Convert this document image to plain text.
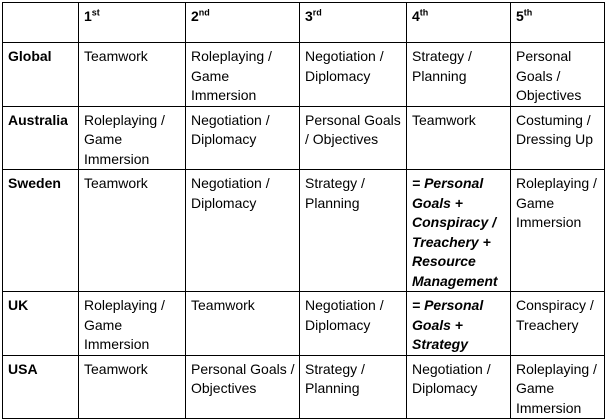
	1st	2nd	3rd	4th	5th
Global	Teamwork	Roleplaying / Game Immersion	Negotiation / Diplomacy	Strategy / Planning	Personal Goals / Objectives
Australia	Roleplaying / Game Immersion	Negotiation / Diplomacy	Personal Goals / Objectives	Teamwork	Costuming / Dressing Up
Sweden	Teamwork	Negotiation / Diplomacy	Strategy / Planning	= Personal Goals + Conspiracy / Treachery + Resource Management	Roleplaying / Game Immersion
UK	Roleplaying / Game Immersion	Teamwork	Negotiation / Diplomacy	= Personal Goals + Strategy	Conspiracy / Treachery
USA	Teamwork	Personal Goals / Objectives	Strategy / Planning	Negotiation / Diplomacy	Roleplaying / Game Immersion
